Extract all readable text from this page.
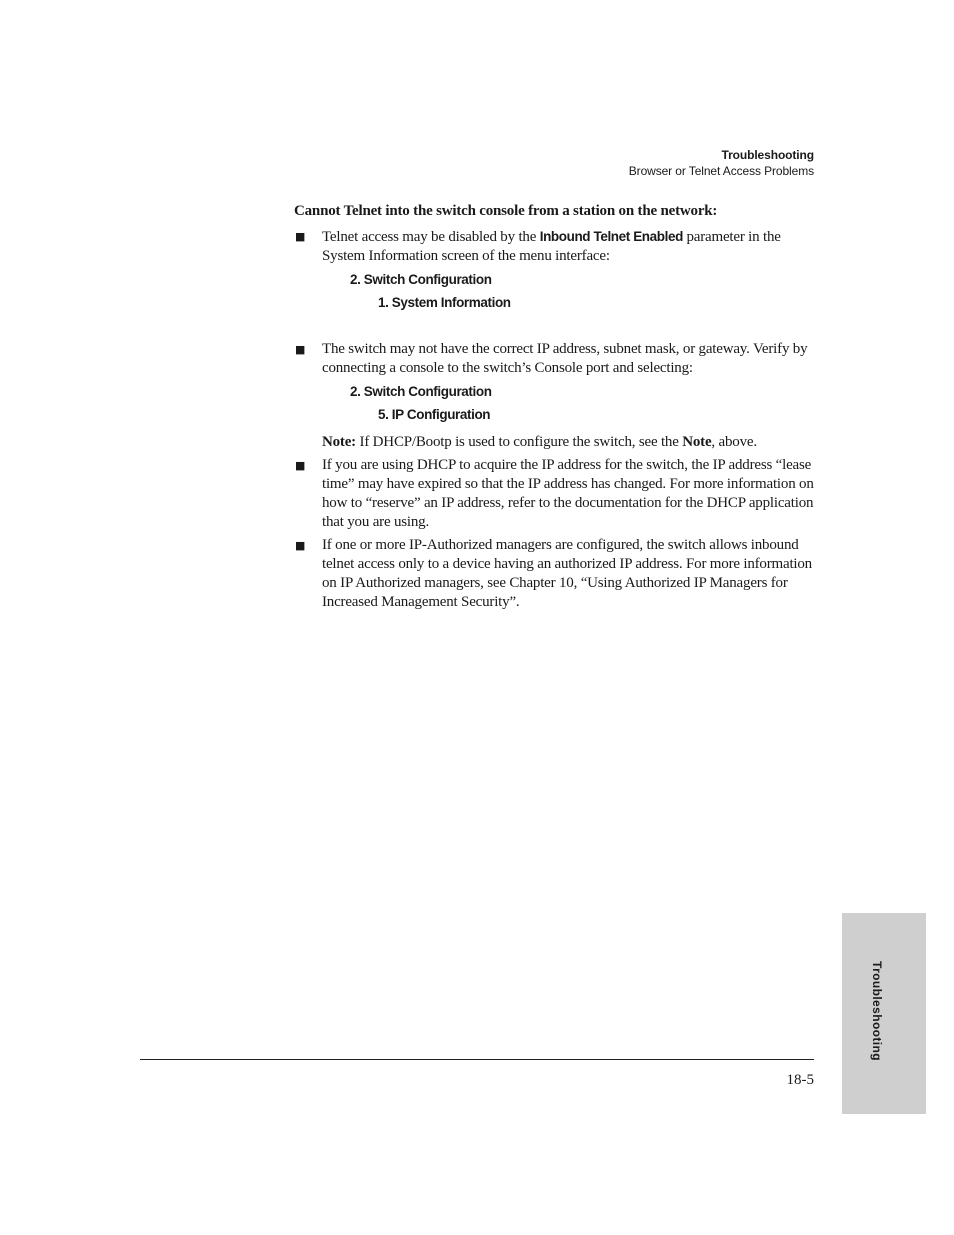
Troubleshooting
Browser or Telnet Access Problems
Cannot Telnet into the switch console from a station on the network:
■ Telnet access may be disabled by the Inbound Telnet Enabled parameter in the System Information screen of the menu interface:
2. Switch Configuration
1. System Information
■ The switch may not have the correct IP address, subnet mask, or gateway. Verify by connecting a console to the switch’s Console port and selecting:
2. Switch Configuration
5. IP Configuration
Note: If DHCP/Bootp is used to configure the switch, see the Note, above.
■ If you are using DHCP to acquire the IP address for the switch, the IP address “lease time” may have expired so that the IP address has changed. For more information on how to “reserve” an IP address, refer to the documentation for the DHCP application that you are using.
■ If one or more IP-Authorized managers are configured, the switch allows inbound telnet access only to a device having an authorized IP address. For more information on IP Authorized managers, see Chapter 10, “Using Authorized IP Managers for Increased Management Security”.
18-5
Troubleshooting
